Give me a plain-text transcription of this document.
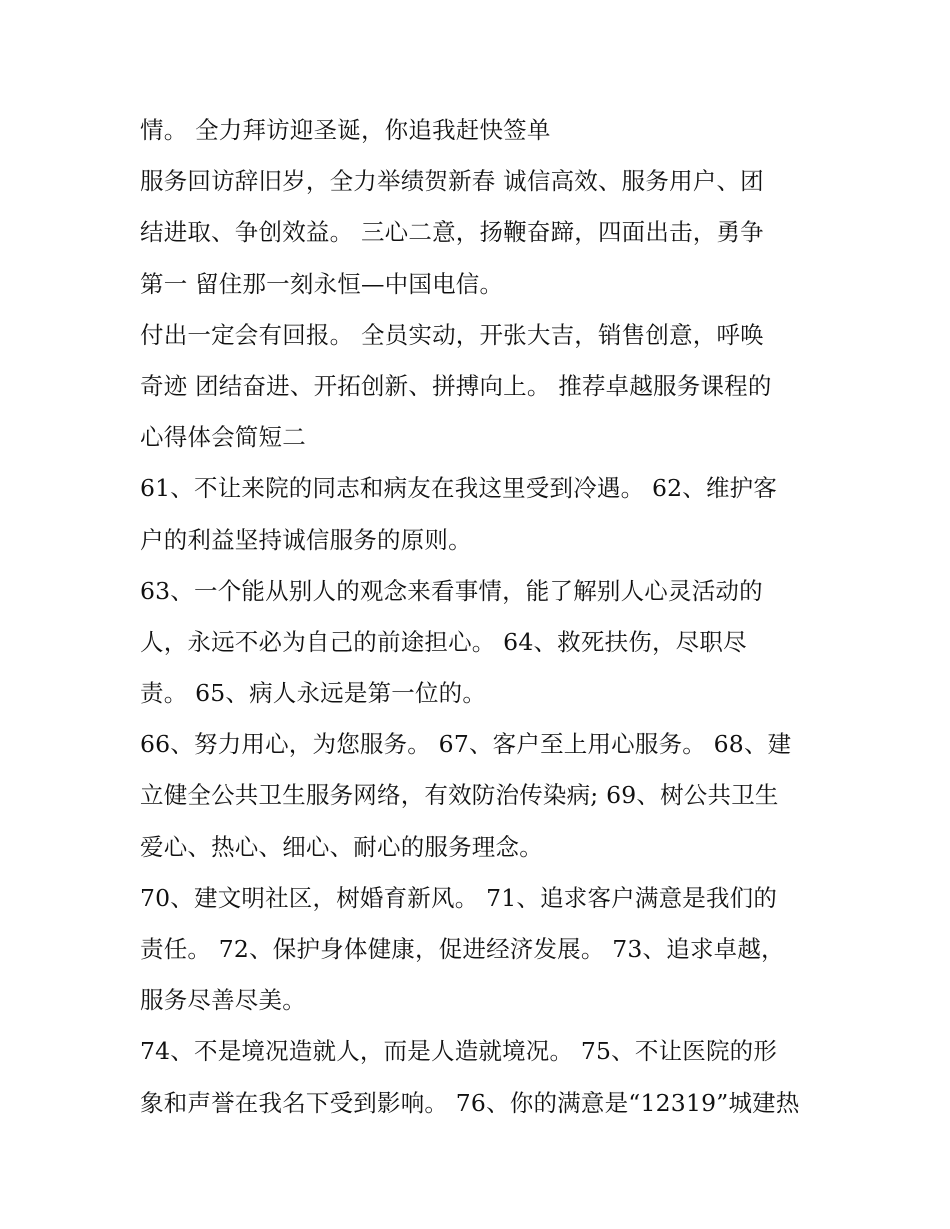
情。 全力拜访迎圣诞，你追我赶快签单
服务回访辞旧岁，全力举绩贺新春 诚信高效、服务用户、团
结进取、争创效益。 三心二意，扬鞭奋蹄，四面出击，勇争
第一 留住那一刻永恒—中国电信。
付出一定会有回报。 全员实动，开张大吉，销售创意，呼唤
奇迹 团结奋进、开拓创新、拼搏向上。 推荐卓越服务课程的
心得体会简短二
61、不让来院的同志和病友在我这里受到冷遇。 62、维护客
户的利益坚持诚信服务的原则。
63、一个能从别人的观念来看事情，能了解别人心灵活动的
人，永远不必为自己的前途担心。 64、救死扶伤，尽职尽
责。 65、病人永远是第一位的。
66、努力用心，为您服务。 67、客户至上用心服务。 68、建
立健全公共卫生服务网络，有效防治传染病; 69、树公共卫生
爱心、热心、细心、耐心的服务理念。
70、建文明社区，树婚育新风。 71、追求客户满意是我们的
责任。 72、保护身体健康，促进经济发展。 73、追求卓越，
服务尽善尽美。
74、不是境况造就人，而是人造就境况。 75、不让医院的形
象和声誉在我名下受到影响。 76、你的满意是“12319”城建热
